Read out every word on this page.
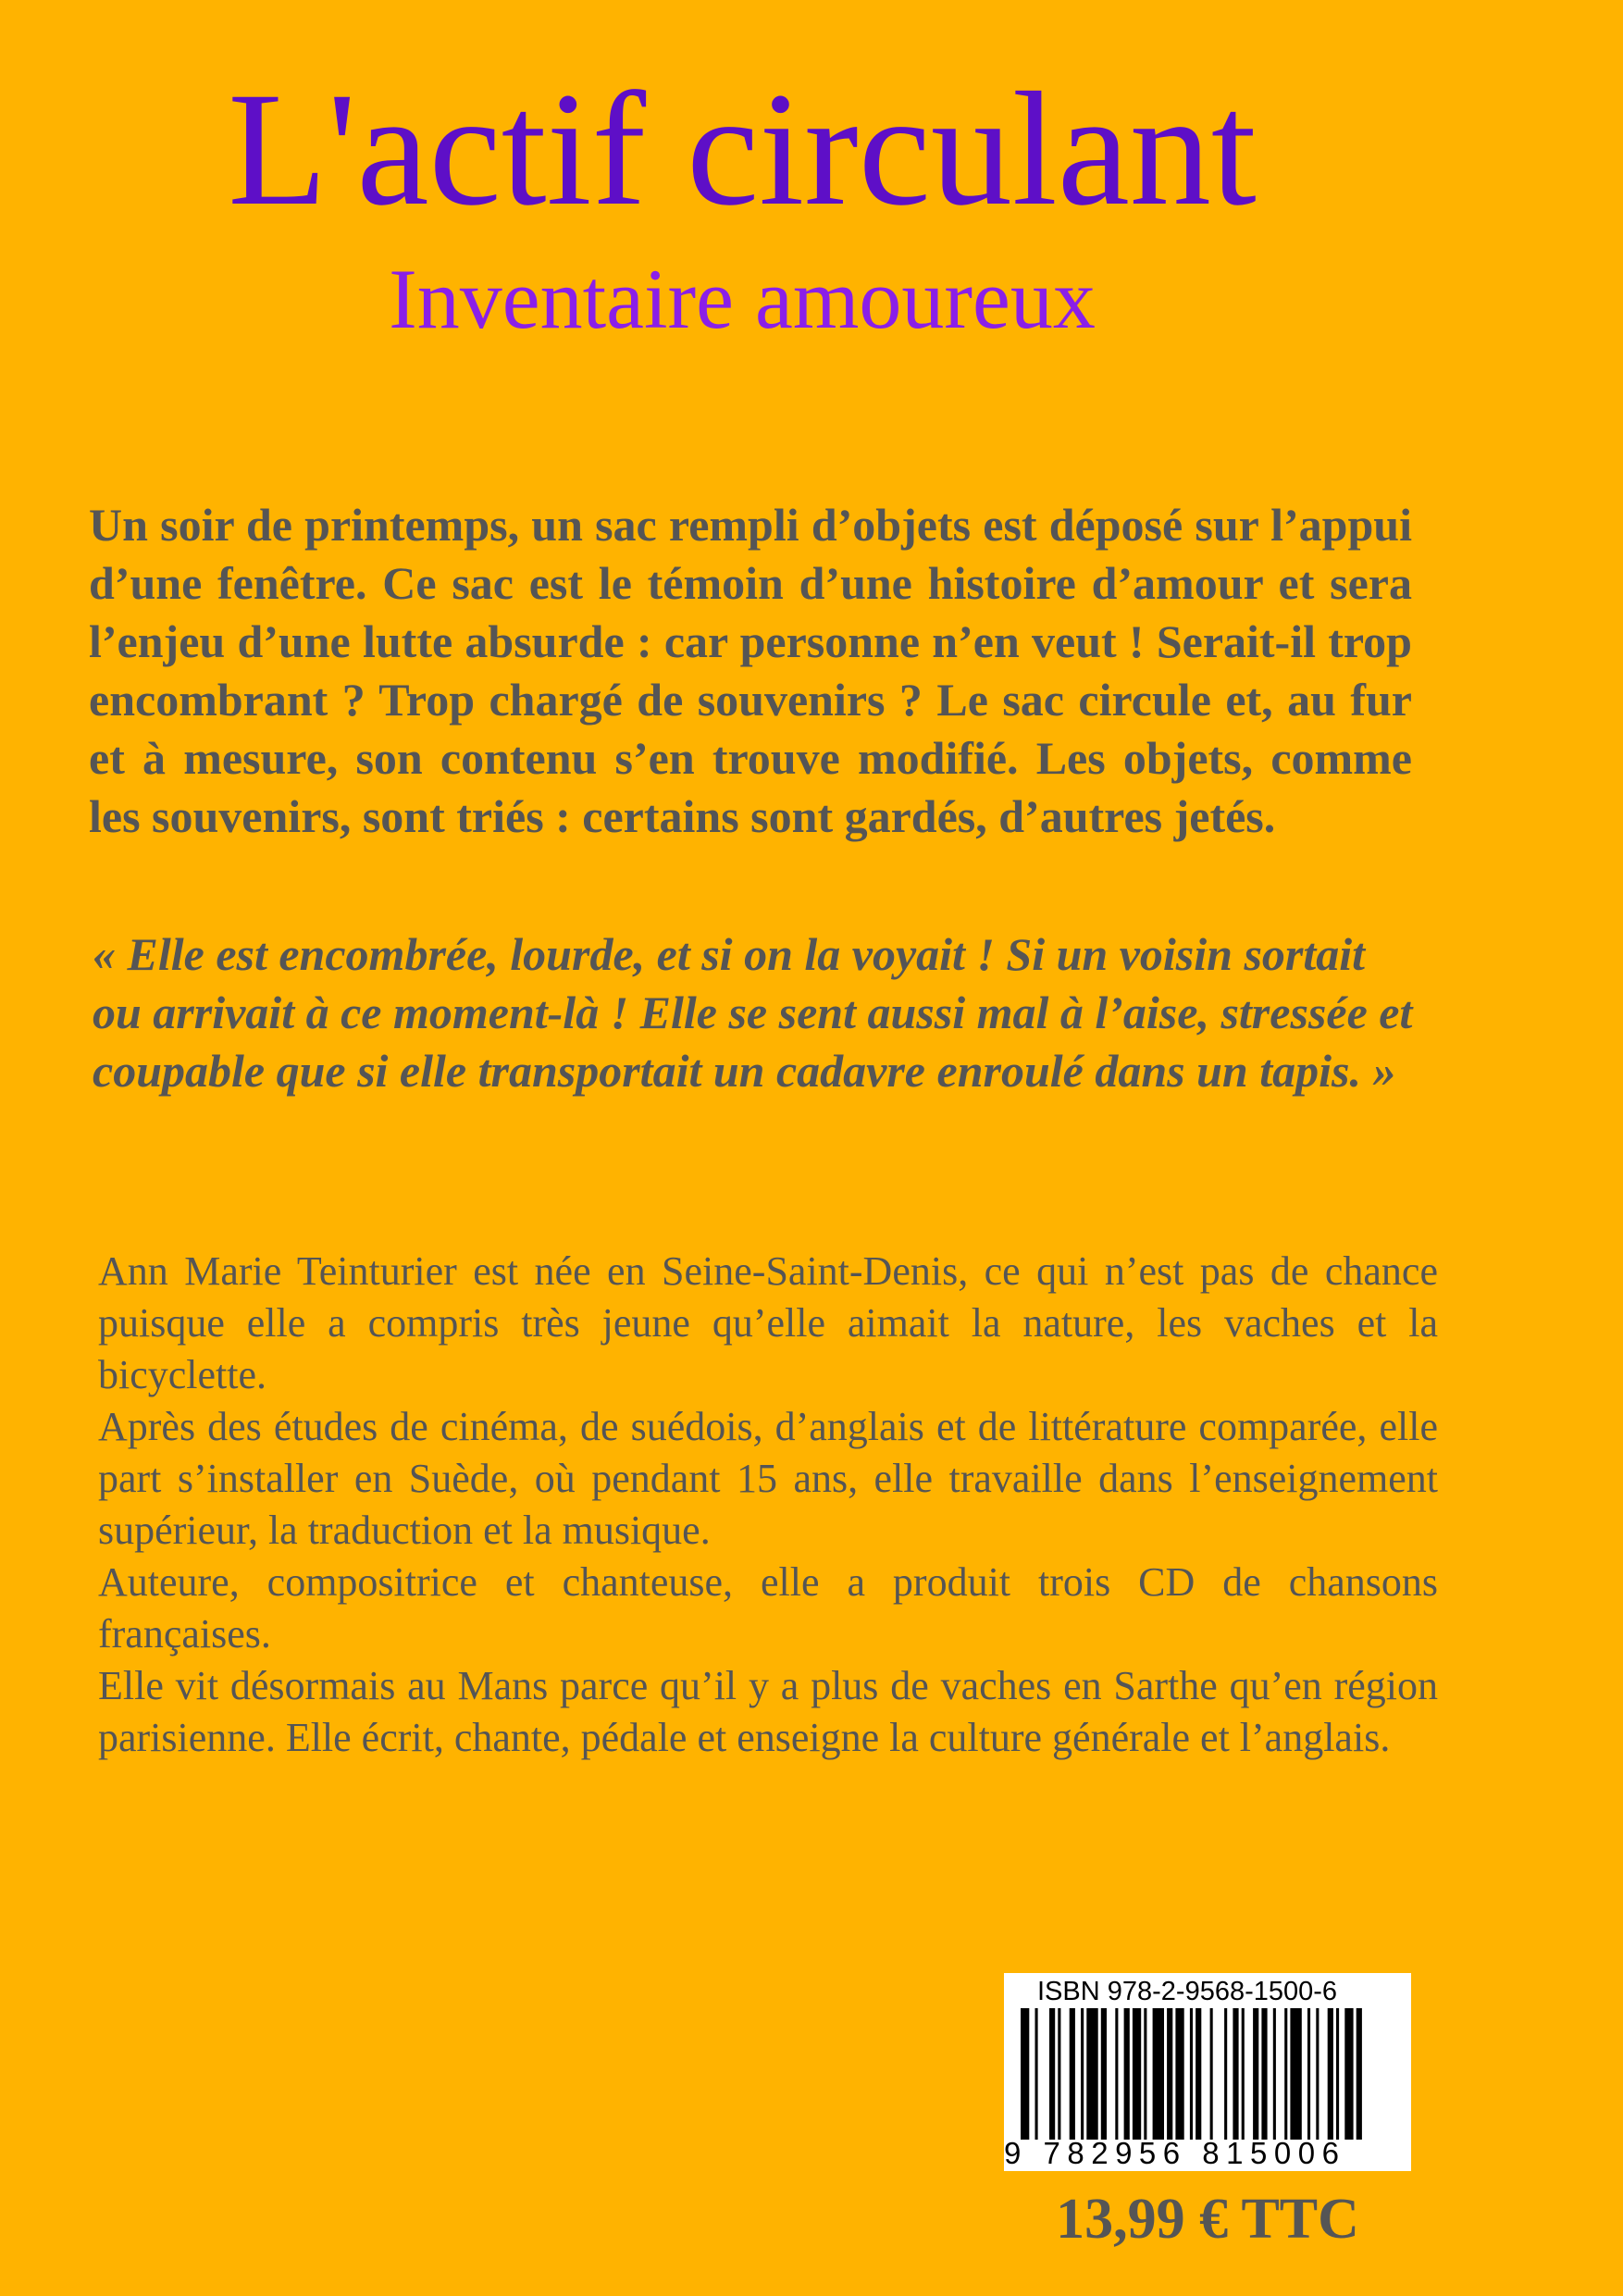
L'actif circulant
Inventaire amoureux

Un soir de printemps, un sac rempli d’objets est déposé sur l’appui d’une fenêtre. Ce sac est le témoin d’une histoire d’amour et sera l’enjeu d’une lutte absurde : car personne n’en veut ! Serait-il trop encombrant ? Trop chargé de souvenirs ? Le sac circule et, au fur et à mesure, son contenu s’en trouve modifié. Les objets, comme les souvenirs, sont triés : certains sont gardés, d’autres jetés.

« Elle est encombrée, lourde, et si on la voyait ! Si un voisin sortait ou arrivait à ce moment-là ! Elle se sent aussi mal à l’aise, stressée et coupable que si elle transportait un cadavre enroulé dans un tapis. »

Ann Marie Teinturier est née en Seine-Saint-Denis, ce qui n’est pas de chance puisque elle a compris très jeune qu’elle aimait la nature, les vaches et la bicyclette.

Après des études de cinéma, de suédois, d’anglais et de littérature comparée, elle part s’installer en Suède, où pendant 15 ans, elle travaille dans l’enseignement supérieur, la traduction et la musique.

Auteure, compositrice et chanteuse, elle a produit trois CD de chansons françaises.

Elle vit désormais au Mans parce qu’il y a plus de vaches en Sarthe qu’en région parisienne. Elle écrit, chante, pédale et enseigne la culture générale et l’anglais.

ISBN 978-2-9568-1500-6
9 782956 815006

13,99 € TTC
